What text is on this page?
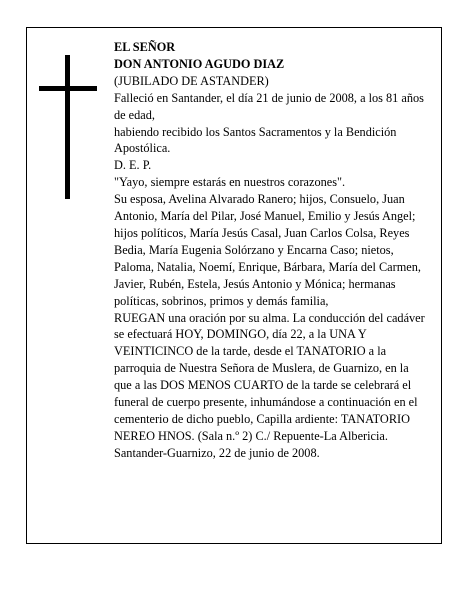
EL SEÑOR

DON ANTONIO AGUDO DIAZ

(JUBILADO DE ASTANDER)

Falleció en Santander, el día 21 de junio de 2008, a los 81 años de edad,

habiendo recibido los Santos Sacramentos y la Bendición Apostólica.

D. E. P.

"Yayo, siempre estarás en nuestros corazones".

Su esposa, Avelina Alvarado Ranero; hijos, Consuelo, Juan Antonio, María del Pilar, José Manuel, Emilio y Jesús Angel; hijos políticos, María Jesús Casal, Juan Carlos Colsa, Reyes Bedia, María Eugenia Solórzano y Encarna Caso; nietos, Paloma, Natalia, Noemí, Enrique, Bárbara, María del Carmen, Javier, Rubén, Estela, Jesús Antonio y Mónica; hermanas políticas, sobrinos, primos y demás familia,

RUEGAN una oración por su alma. La conducción del cadáver se efectuará HOY, DOMINGO, día 22, a la UNA Y VEINTICINCO de la tarde, desde el TANATORIO a la parroquia de Nuestra Señora de Muslera, de Guarnizo, en la que a las DOS MENOS CUARTO de la tarde se celebrará el funeral de cuerpo presente, inhumándose a continuación en el cementerio de dicho pueblo, Capilla ardiente: TANATORIO NEREO HNOS. (Sala n.º 2) C./ Repuente-La Albericia.

Santander-Guarnizo, 22 de junio de 2008.
